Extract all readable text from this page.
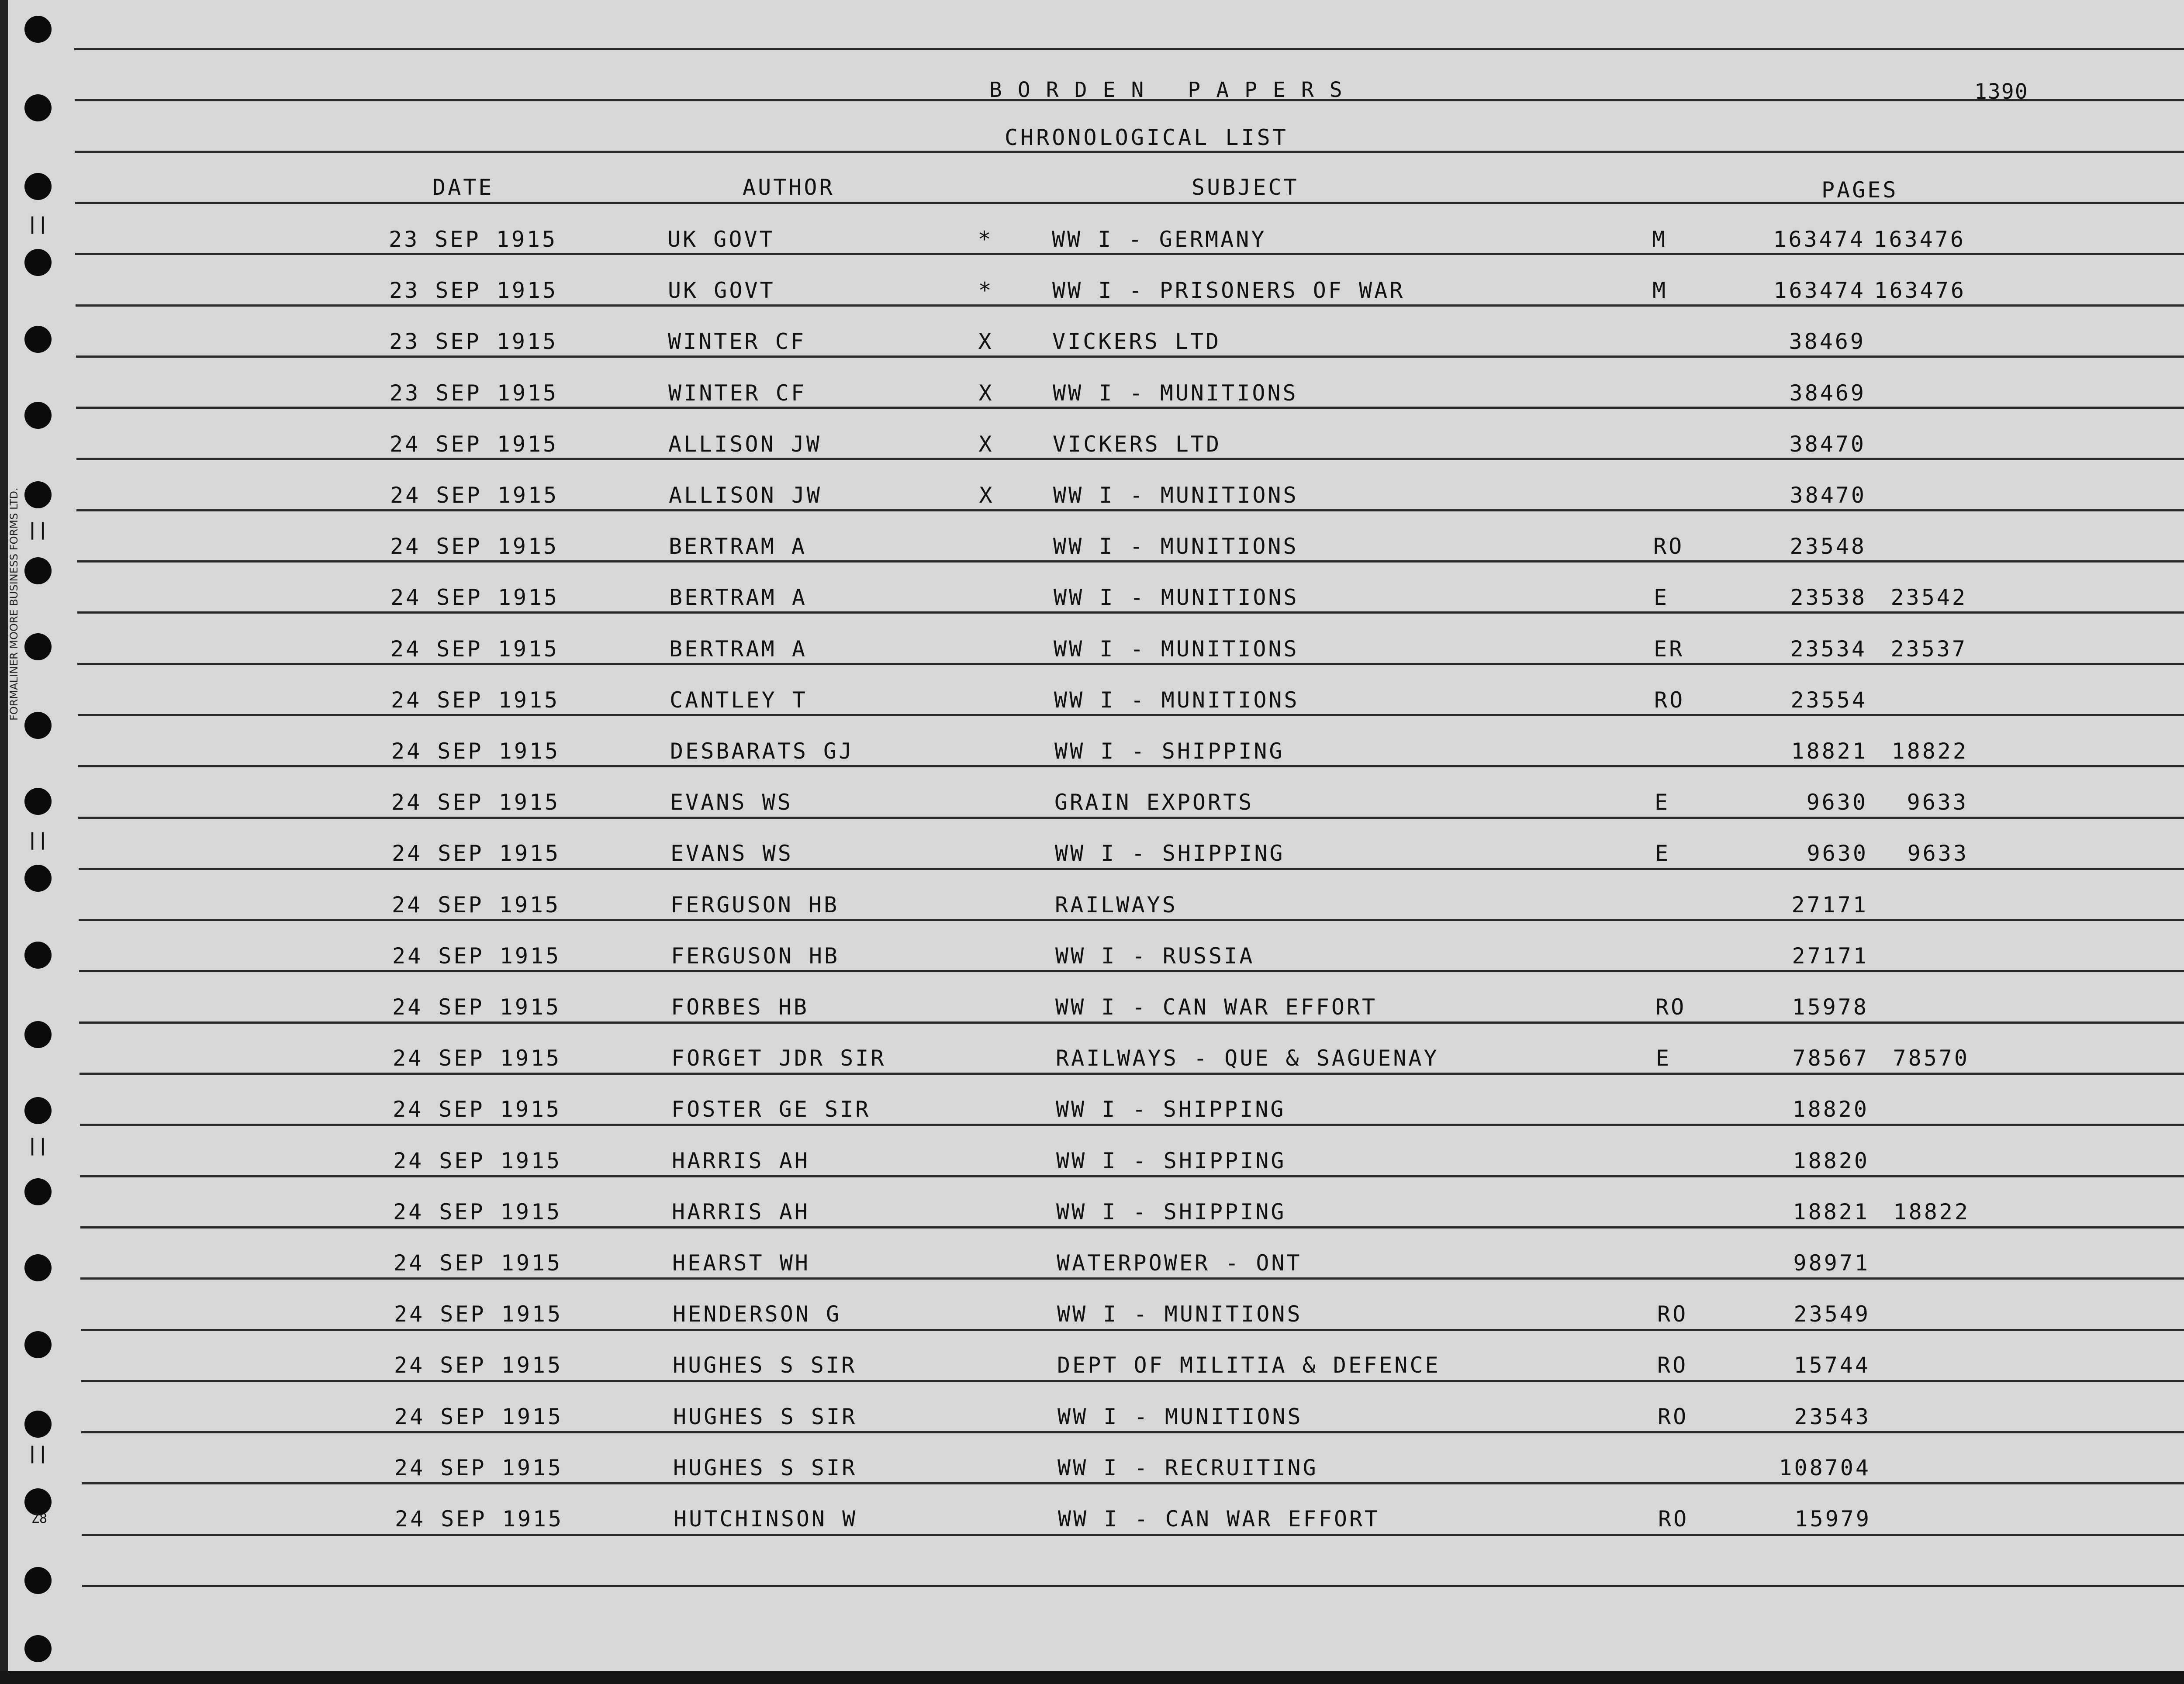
FORMALINER MOORE BUSINESS FORMS LTD.
BORDEN PAPERS	1390
CHRONOLOGICAL LIST
DATE	AUTHOR	SUBJECT	PAGES
23 SEP 1915	UK GOVT	*	WW I - GERMANY	M	163474 163476
23 SEP 1915	UK GOVT	*	WW I - PRISONERS OF WAR	M	163474 163476
23 SEP 1915	WINTER CF	X	VICKERS LTD	38469
23 SEP 1915	WINTER CF	X	WW I - MUNITIONS	38469
24 SEP 1915	ALLISON JW	X	VICKERS LTD	38470
24 SEP 1915	ALLISON JW	X	WW I - MUNITIONS	38470
24 SEP 1915	BERTRAM A	WW I - MUNITIONS	RO	23548
24 SEP 1915	BERTRAM A	WW I - MUNITIONS	E	23538	23542
24 SEP 1915	BERTRAM A	WW I - MUNITIONS	ER	23534	23537
24 SEP 1915	CANTLEY T	WW I - MUNITIONS	RO	23554
24 SEP 1915	DESBARATS GJ	WW I - SHIPPING	18821	18822
24 SEP 1915	EVANS WS	GRAIN EXPORTS	E	9630	9633
24 SEP 1915	EVANS WS	WW I - SHIPPING	E	9630	9633
24 SEP 1915	FERGUSON HB	RAILWAYS	27171
24 SEP 1915	FERGUSON HB	WW I - RUSSIA	27171
24 SEP 1915	FORBES HB	WW I - CAN WAR EFFORT	RO	15978
24 SEP 1915	FORGET JDR SIR	RAILWAYS - QUE & SAGUENAY	E	78567	78570
24 SEP 1915	FOSTER GE SIR	WW I - SHIPPING	18820
24 SEP 1915	HARRIS AH	WW I - SHIPPING	18820
24 SEP 1915	HARRIS AH	WW I - SHIPPING	18821	18822
24 SEP 1915	HEARST WH	WATERPOWER - ONT	98971
24 SEP 1915	HENDERSON G	WW I - MUNITIONS	RO	23549
24 SEP 1915	HUGHES S SIR	DEPT OF MILITIA & DEFENCE	RO	15744
24 SEP 1915	HUGHES S SIR	WW I - MUNITIONS	RO	23543
24 SEP 1915	HUGHES S SIR	WW I - RECRUITING	108704
24 SEP 1915	HUTCHINSON W	WW I - CAN WAR EFFORT	RO	15979
||
||
||
||
||
Z8
